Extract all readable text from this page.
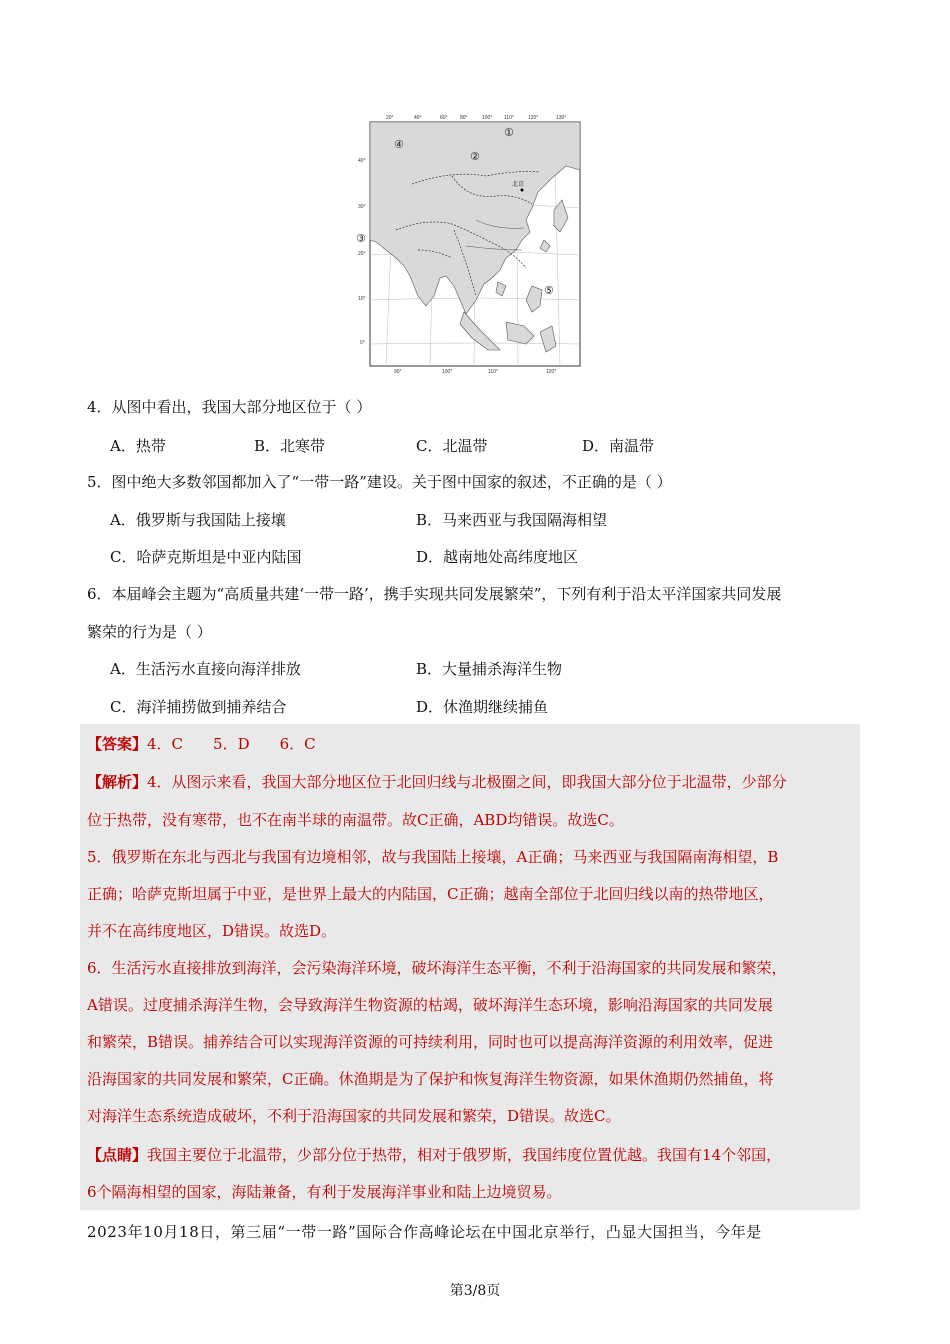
20°	40°	60° 80°	100° 110°	120°	130°
90°	100°	110°	120°
40°
30°
20°
10°
0°
①
②
③
④
⑤
北京
4．从图中看出，我国大部分地区位于（ ）
A．热带	B．北寒带	C．北温带	D．南温带
5．图中绝大多数邻国都加入了“一带一路”建设。关于图中国家的叙述，不正确的是（ ）
A．俄罗斯与我国陆上接壤	B．马来西亚与我国隔海相望
C．哈萨克斯坦是中亚内陆国	D．越南地处高纬度地区
6．本届峰会主题为“高质量共建‘一带一路’，携手实现共同发展繁荣”，下列有利于沿太平洋国家共同发展
繁荣的行为是（ ）
A．生活污水直接向海洋排放	B．大量捕杀海洋生物
C．海洋捕捞做到捕养结合	D．休渔期继续捕鱼
【答案】4．C　　5．D　　6．C
【解析】4．从图示来看，我国大部分地区位于北回归线与北极圈之间，即我国大部分位于北温带，少部分
位于热带，没有寒带，也不在南半球的南温带。故C正确，ABD均错误。故选C。
5．俄罗斯在东北与西北与我国有边境相邻，故与我国陆上接壤，A正确；马来西亚与我国隔南海相望，B
正确；哈萨克斯坦属于中亚，是世界上最大的内陆国，C正确；越南全部位于北回归线以南的热带地区，
并不在高纬度地区，D错误。故选D。
6．生活污水直接排放到海洋，会污染海洋环境，破坏海洋生态平衡，不利于沿海国家的共同发展和繁荣，
A错误。过度捕杀海洋生物，会导致海洋生物资源的枯竭，破坏海洋生态环境，影响沿海国家的共同发展
和繁荣，B错误。捕养结合可以实现海洋资源的可持续利用，同时也可以提高海洋资源的利用效率，促进
沿海国家的共同发展和繁荣，C正确。休渔期是为了保护和恢复海洋生物资源，如果休渔期仍然捕鱼，将
对海洋生态系统造成破坏，不利于沿海国家的共同发展和繁荣，D错误。故选C。
【点睛】我国主要位于北温带，少部分位于热带，相对于俄罗斯，我国纬度位置优越。我国有14个邻国，
6个隔海相望的国家，海陆兼备，有利于发展海洋事业和陆上边境贸易。
2023年10月18日，第三届“一带一路”国际合作高峰论坛在中国北京举行，凸显大国担当，今年是
第3/8页
